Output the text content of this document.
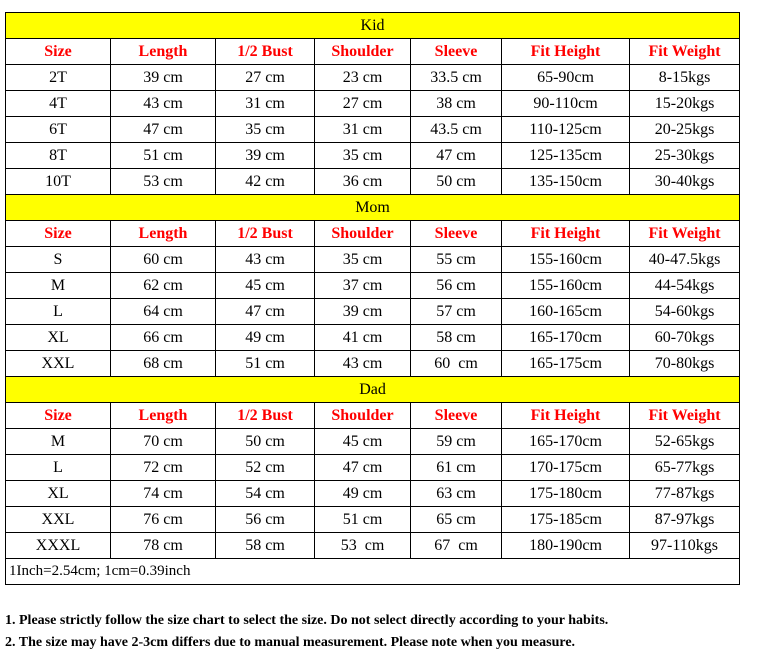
Kid						
Size	Length	1/2 Bust	Shoulder	Sleeve	Fit Height	Fit Weight
2T	39 cm	27 cm	23 cm	33.5 cm	65-90cm	8-15kgs
4T	43 cm	31 cm	27 cm	38 cm	90-110cm	15-20kgs
6T	47 cm	35 cm	31 cm	43.5 cm	110-125cm	20-25kgs
8T	51 cm	39 cm	35 cm	47 cm	125-135cm	25-30kgs
10T	53 cm	42 cm	36 cm	50 cm	135-150cm	30-40kgs
Mom						
Size	Length	1/2 Bust	Shoulder	Sleeve	Fit Height	Fit Weight
S	60 cm	43 cm	35 cm	55 cm	155-160cm	40-47.5kgs
M	62 cm	45 cm	37 cm	56 cm	155-160cm	44-54kgs
L	64 cm	47 cm	39 cm	57 cm	160-165cm	54-60kgs
XL	66 cm	49 cm	41 cm	58 cm	165-170cm	60-70kgs
XXL	68 cm	51 cm	43 cm	60  cm	165-175cm	70-80kgs
Dad						
Size	Length	1/2 Bust	Shoulder	Sleeve	Fit Height	Fit Weight
M	70 cm	50 cm	45 cm	59 cm	165-170cm	52-65kgs
L	72 cm	52 cm	47 cm	61 cm	170-175cm	65-77kgs
XL	74 cm	54 cm	49 cm	63 cm	175-180cm	77-87kgs
XXL	76 cm	56 cm	51 cm	65 cm	175-185cm	87-97kgs
XXXL	78 cm	58 cm	53  cm	67  cm	180-190cm	97-110kgs
1Inch=2.54cm; 1cm=0.39inch						
1. Please strictly follow the size chart to select the size. Do not select directly according to your habits.
2. The size may have 2-3cm differs due to manual measurement. Please note when you measure.
